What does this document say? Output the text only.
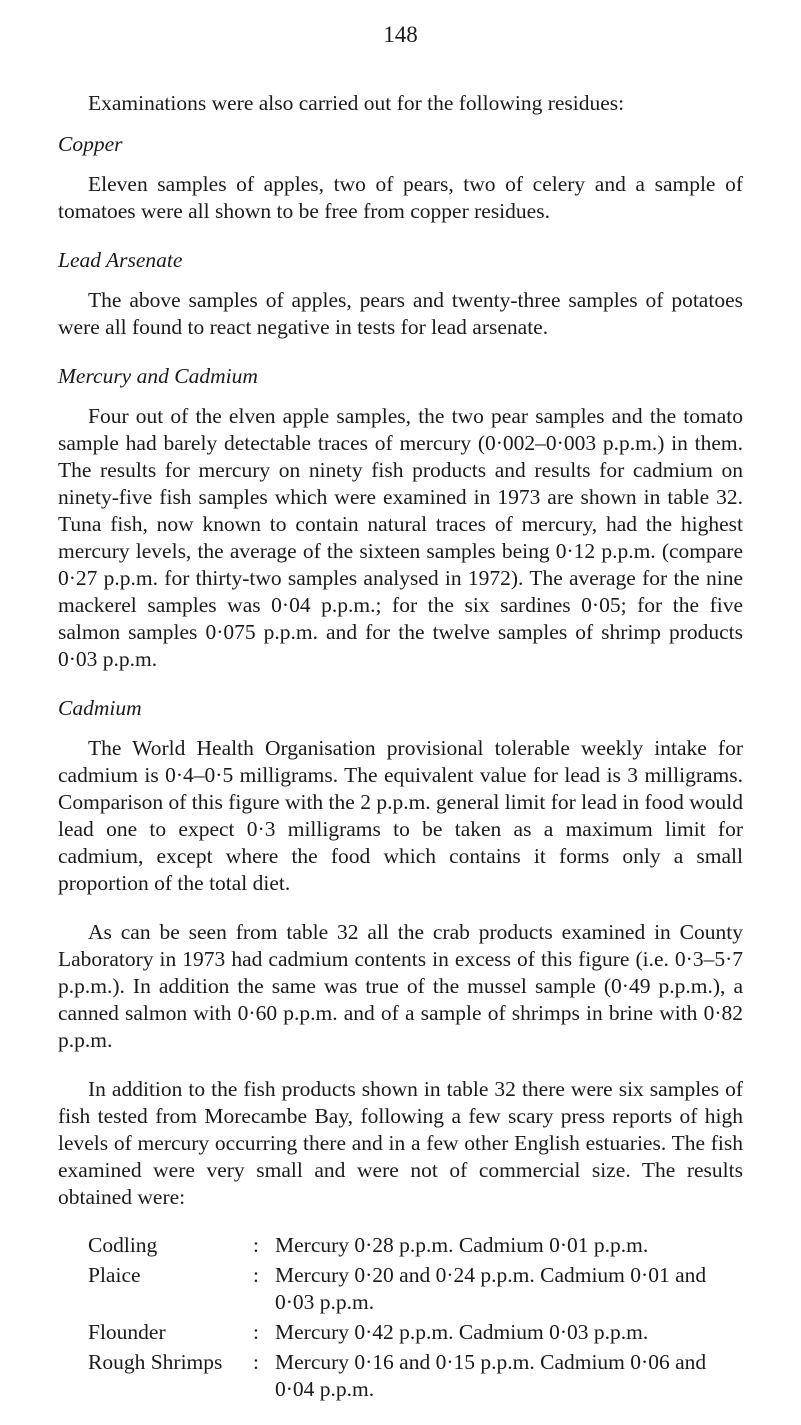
148

Examinations were also carried out for the following residues:

Copper

Eleven samples of apples, two of pears, two of celery and a sample of tomatoes were all shown to be free from copper residues.

Lead Arsenate

The above samples of apples, pears and twenty-three samples of potatoes were all found to react negative in tests for lead arsenate.

Mercury and Cadmium

Four out of the elven apple samples, the two pear samples and the tomato sample had barely detectable traces of mercury (0·002–0·003 p.p.m.) in them. The results for mercury on ninety fish products and results for cadmium on ninety-five fish samples which were examined in 1973 are shown in table 32. Tuna fish, now known to contain natural traces of mercury, had the highest mercury levels, the average of the sixteen samples being 0·12 p.p.m. (compare 0·27 p.p.m. for thirty-two samples analysed in 1972). The average for the nine mackerel samples was 0·04 p.p.m.; for the six sardines 0·05; for the five salmon samples 0·075 p.p.m. and for the twelve samples of shrimp products 0·03 p.p.m.

Cadmium

The World Health Organisation provisional tolerable weekly intake for cadmium is 0·4–0·5 milligrams. The equivalent value for lead is 3 milligrams. Comparison of this figure with the 2 p.p.m. general limit for lead in food would lead one to expect 0·3 milligrams to be taken as a maximum limit for cadmium, except where the food which contains it forms only a small proportion of the total diet.

As can be seen from table 32 all the crab products examined in County Laboratory in 1973 had cadmium contents in excess of this figure (i.e. 0·3–5·7 p.p.m.). In addition the same was true of the mussel sample (0·49 p.p.m.), a canned salmon with 0·60 p.p.m. and of a sample of shrimps in brine with 0·82 p.p.m.

In addition to the fish products shown in table 32 there were six samples of fish tested from Morecambe Bay, following a few scary press reports of high levels of mercury occurring there and in a few other English estuaries. The fish examined were very small and were not of commercial size. The results obtained were:

Codling	: Mercury 0·28 p.p.m. Cadmium 0·01 p.p.m.
Plaice	: Mercury 0·20 and 0·24 p.p.m. Cadmium 0·01 and 0·03 p.p.m.
Flounder	: Mercury 0·42 p.p.m. Cadmium 0·03 p.p.m.
Rough Shrimps	: Mercury 0·16 and 0·15 p.p.m. Cadmium 0·06 and 0·04 p.p.m.
